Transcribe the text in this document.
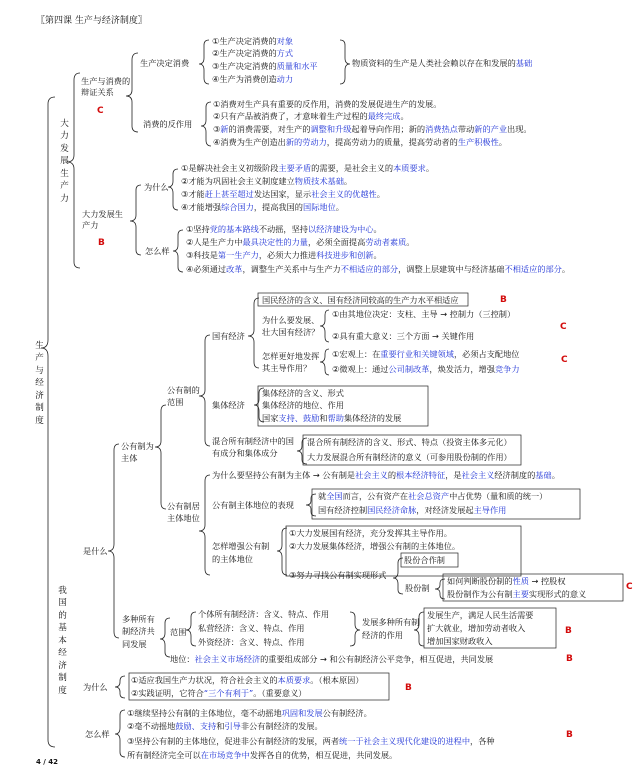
〖第四课 生产与经济制度〗
生产与经济制度
大力发展生产力
C
生产与消费的辩证关系
生产决定消费
①生产决定消费的对象
②生产决定消费的方式
③生产决定消费的质量和水平
④生产为消费创造动力
物质资料的生产是人类社会赖以存在和发展的基础
消费的反作用
①消费对生产具有重要的反作用，消费的发展促进生产的发展。
②只有产品被消费了，才意味着生产过程的最终完成。
③新的消费需要，对生产的调整和升级起着导向作用；新的消费热点带动新的产业出现。
④消费为生产创造出新的劳动力，提高劳动力的质量，提高劳动者的生产积极性。
大力发展生产力
B
为什么
①是解决社会主义初级阶段主要矛盾的需要，是社会主义的本质要求。
②才能为巩固社会主义制度建立物质技术基础。
③才能赶上甚至超过发达国家，显示社会主义的优越性。
④才能增强综合国力，提高我国的国际地位。
怎么样
①坚持党的基本路线不动摇，坚持以经济建设为中心。
②人是生产力中最具决定性的力量，必须全面提高劳动者素质。
③科技是第一生产力，必须大力推进科技进步和创新。
④必须通过改革，调整生产关系中与生产力不相适应的部分，调整上层建筑中与经济基础不相适应的部分。
我国的基本经济制度
是什么
公有制为主体
公有制的范围
国有经济
国民经济的含义、国有经济同较高的生产力水平相适应	B
为什么要发展、壮大国有经济？
①由其地位决定：支柱、主导 → 控制力（三控制）
②具有重大意义：三个方面 → 关键作用
C
怎样更好地发挥其主导作用？
①宏观上：在重要行业和关键领域，必须占支配地位
②微观上：通过公司制改革，焕发活力，增强竞争力
C
集体经济
集体经济的含义、形式
集体经济的地位、作用
国家支持、鼓励和帮助集体经济的发展
混合所有制经济中的国有成分和集体成分
混合所有制经济的含义、形式、特点（投资主体多元化）
大力发展混合所有制经济的意义（可参用股份制的作用）
公有制居主体地位
为什么要坚持公有制为主体 → 公有制是社会主义的根本经济特征，是社会主义经济制度的基础。
公有制主体地位的表现
就全国而言，公有资产在社会总资产中占优势（量和质的统一）
国有经济控制国民经济命脉，对经济发展起主导作用
怎样增强公有制的主体地位
①大力发展国有经济，充分发挥其主导作用。
②大力发展集体经济，增强公有制的主体地位。
③努力寻找公有制实现形式
股份制
股份合作制
如何判断股份制的性质 → 控股权
股份制作为公有制主要实现形式的意义
C
多种所有制经济共同发展
范围
个体所有制经济：含义、特点、作用
私营经济：含义、特点、作用
外资经济：含义、特点、作用
发展多种所有制经济的作用
发展生产，满足人民生活需要
扩大就业，增加劳动者收入
增加国家财政收入
B
地位：社会主义市场经济的重要组成部分 → 和公有制经济公平竞争，相互促进，共同发展	B
为什么
①适应我国生产力状况，符合社会主义的本质要求。（根本原因）
②实践证明，它符合“三个有利于”。（重要意义）	B
怎么样
①继续坚持公有制的主体地位，毫不动摇地巩固和发展公有制经济。
②毫不动摇地鼓励、支持和引导非公有制经济的发展。
③坚持公有制的主体地位，促进非公有制经济的发展，两者统一于社会主义现代化建设的进程中，各种
所有制经济完全可以在市场竞争中发挥各自的优势，相互促进，共同发展。
B
4 / 42
